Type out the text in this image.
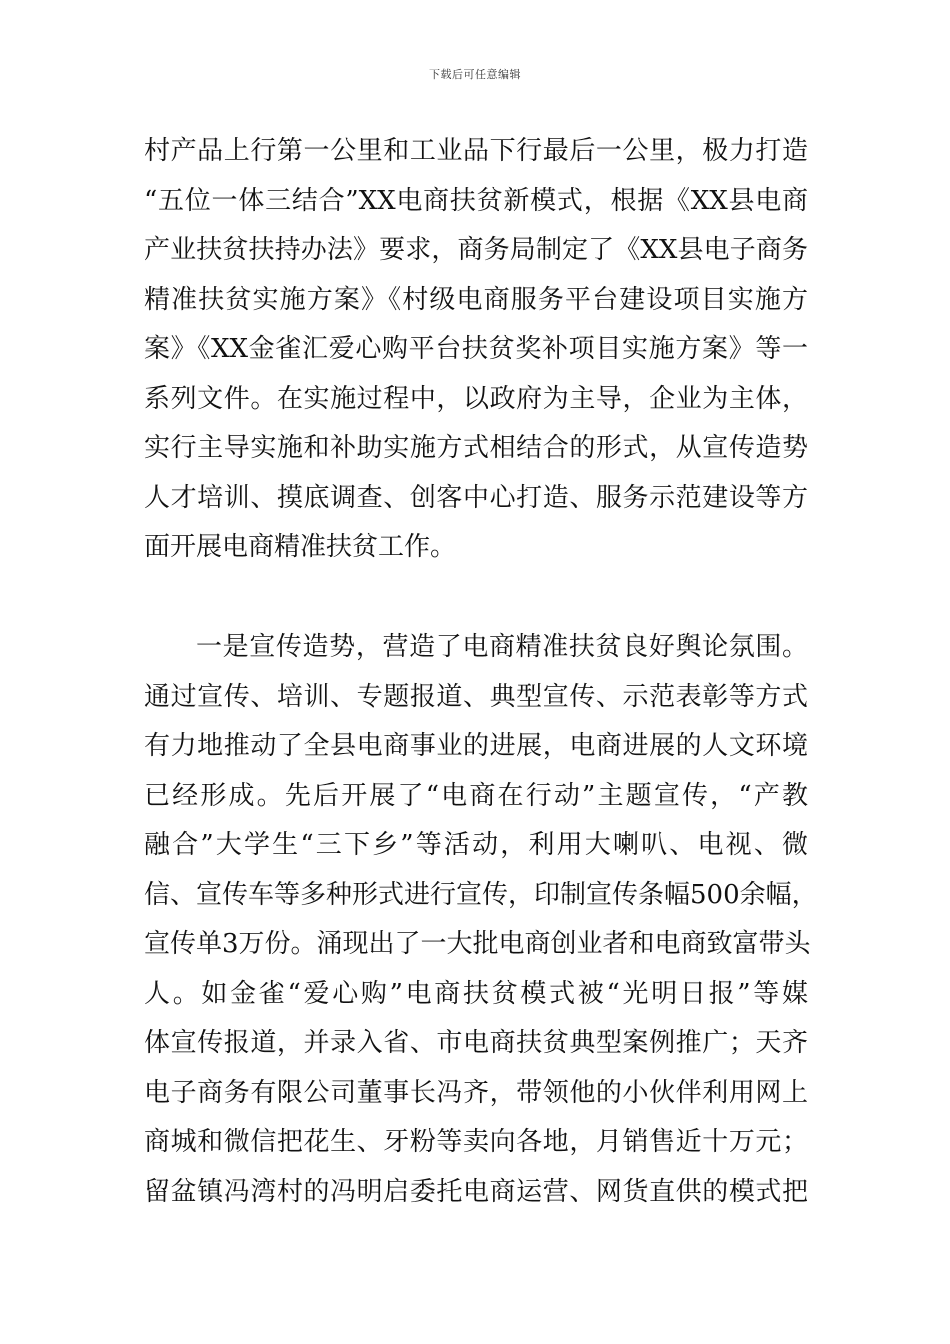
下载后可任意编辑
村产品上行第一公里和工业品下行最后一公里，极力打造
“五位一体三结合”XX电商扶贫新模式，根据《XX县电商
产业扶贫扶持办法》要求，商务局制定了《XX县电子商务
精准扶贫实施方案》《村级电商服务平台建设项目实施方
案》《XX金雀汇爱心购平台扶贫奖补项目实施方案》等一
系列文件。在实施过程中，以政府为主导，企业为主体，
实行主导实施和补助实施方式相结合的形式，从宣传造势
人才培训、摸底调查、创客中心打造、服务示范建设等方
面开展电商精准扶贫工作。
一是宣传造势，营造了电商精准扶贫良好舆论氛围。
通过宣传、培训、专题报道、典型宣传、示范表彰等方式
有力地推动了全县电商事业的进展，电商进展的人文环境
已经形成。先后开展了“电商在行动”主题宣传，“产教
融合”大学生“三下乡”等活动，利用大喇叭、电视、微
信、宣传车等多种形式进行宣传，印制宣传条幅500余幅，
宣传单3万份。涌现出了一大批电商创业者和电商致富带头
人。如金雀“爱心购”电商扶贫模式被“光明日报”等媒
体宣传报道，并录入省、市电商扶贫典型案例推广；天齐
电子商务有限公司董事长冯齐，带领他的小伙伴利用网上
商城和微信把花生、牙粉等卖向各地，月销售近十万元；
留盆镇冯湾村的冯明启委托电商运营、网货直供的模式把
